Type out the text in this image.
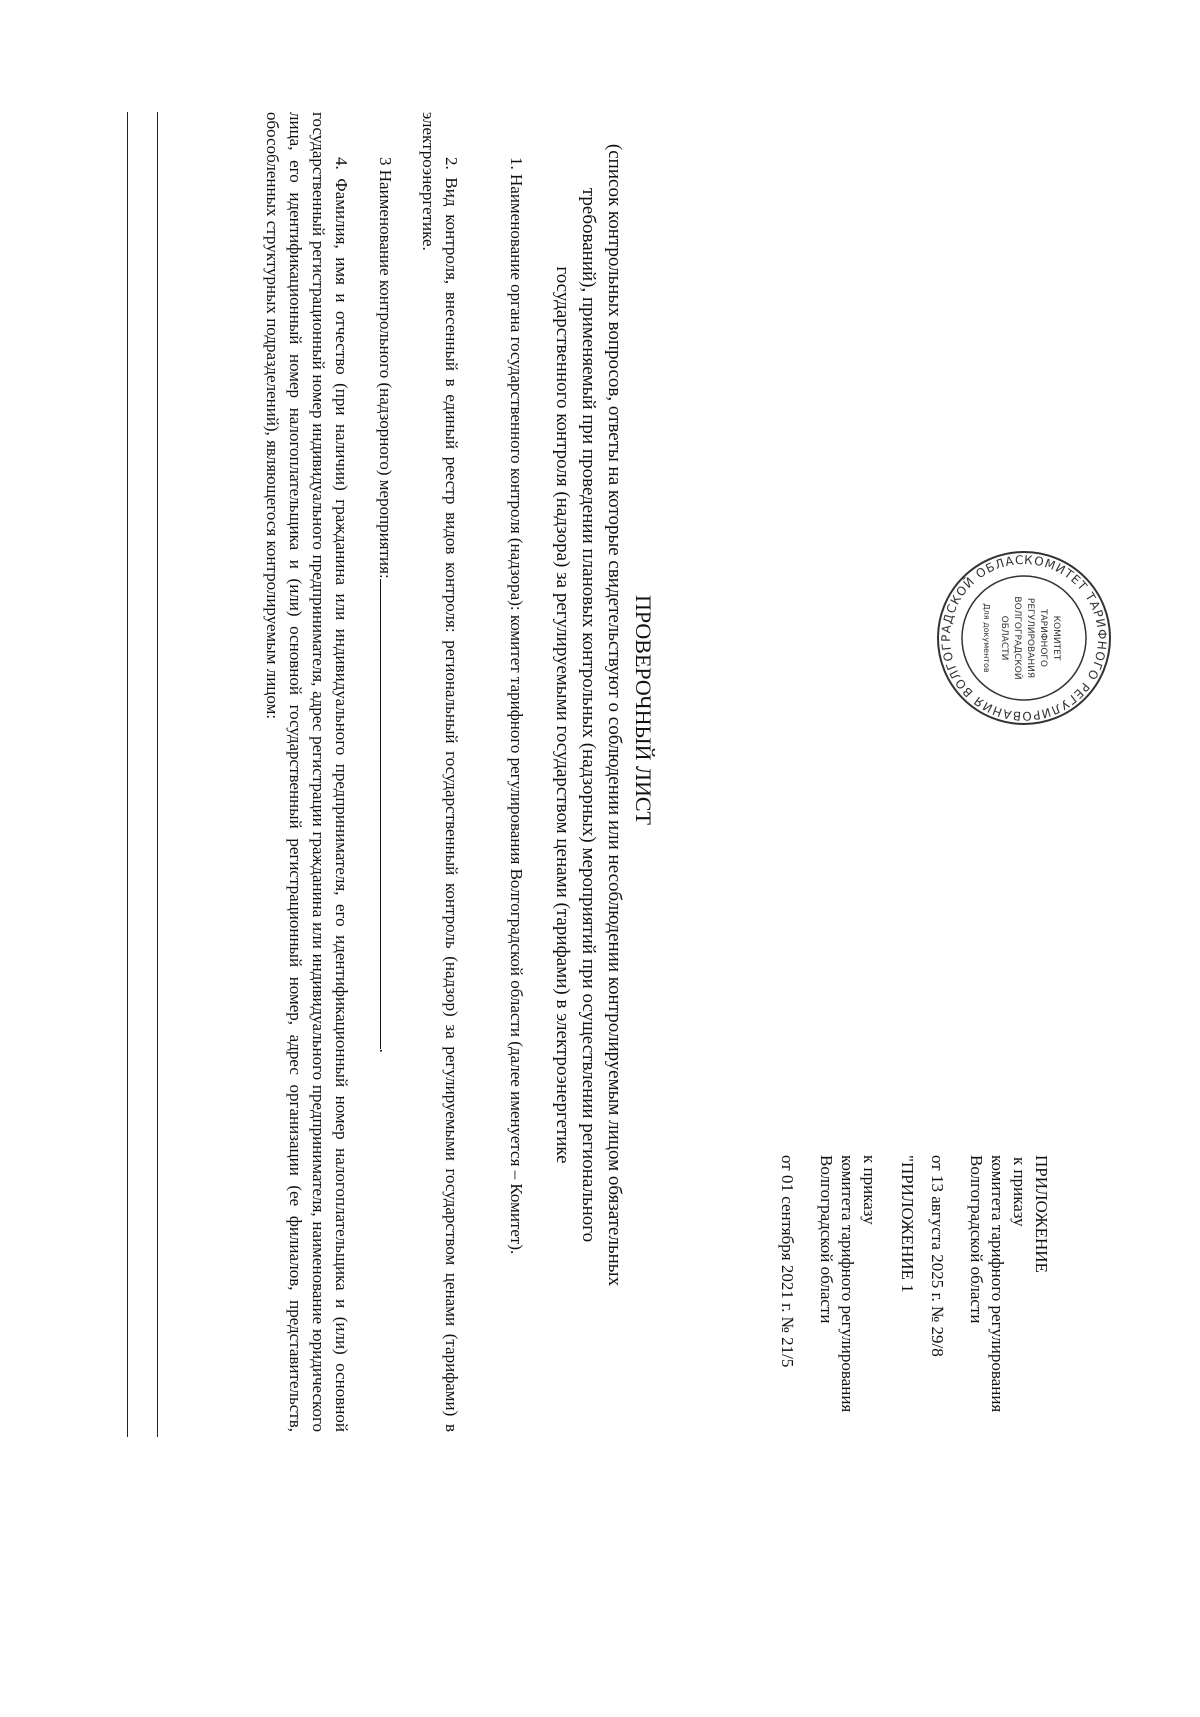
КОМИТЕТ ТАРИФНОГО РЕГУЛИРОВАНИЯ ВОЛГОГРАДСКОЙ ОБЛАС
КОМИТЕТ
ТАРИФНОГО
РЕГУЛИРОВАНИЯ
ВОЛГОГРАДСКОЙ
ОБЛАСТИ
Для документов
ПРИЛОЖЕНИЕ
к приказу
комитета тарифного регулирования
Волгоградской области
от 13 августа 2025 г. № 29/8
"ПРИЛОЖЕНИЕ 1
к приказу
комитета тарифного регулирования
Волгоградской области
от 01 сентября 2021 г. № 21/5
ПРОВЕРОЧНЫЙ ЛИСТ
(список контрольных вопросов, ответы на которые свидетельствуют о соблюдении или несоблюдении контролируемым лицом обязательных требований), применяемый при проведении плановых контрольных (надзорных) мероприятий при осуществлении регионального государственного контроля (надзора) за регулируемыми государством ценами (тарифами) в электроэнергетике
1. Наименование органа государственного контроля (надзора): комитет тарифного регулирования Волгоградской области (далее именуется – Комитет).
2. Вид контроля, внесенный в единый реестр видов контроля: региональный государственный контроль (надзор) за регулируемыми государством ценами (тарифами) в электроэнергетике.
3 Наименование контрольного (надзорного) мероприятия:.
4. Фамилия, имя и отчество (при наличии) гражданина или индивидуального предпринимателя, его идентификационный номер налогоплательщика и (или) основной государственный регистрационный номер индивидуального предпринимателя, адрес регистрации гражданина или индивидуального предпринимателя, наименование юридического лица, его идентификационный номер налогоплательщика и (или) основной государственный регистрационный номер, адрес организации (ее филиалов, представительств, обособленных структурных подразделений), являющегося контролируемым лицом:
